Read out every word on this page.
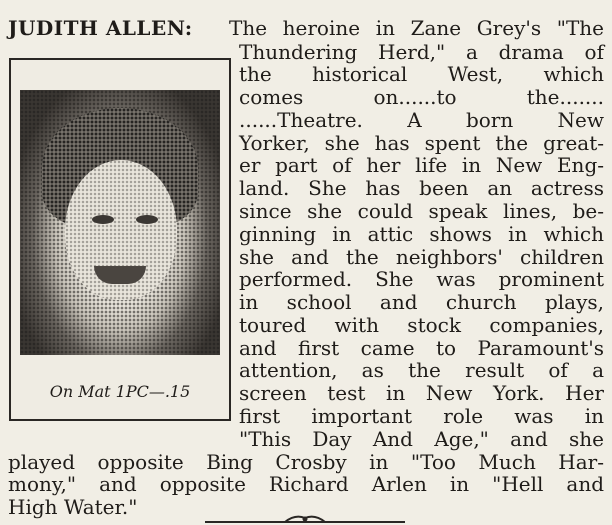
JUDITH ALLEN:
On Mat 1PC—.15
The heroine in Zane Grey's "The
Thundering Herd," a drama of
the historical West, which
comes on......to the.......
......Theatre. A born New
Yorker, she has spent the great-
er part of her life in New Eng-
land. She has been an actress
since she could speak lines, be-
ginning in attic shows in which
she and the neighbors' children
performed. She was prominent
in school and church plays,
toured with stock companies,
and first came to Paramount's
attention, as the result of a
screen test in New York. Her
first important role was in
"This Day And Age," and she
played opposite Bing Crosby in "Too Much Har-
mony," and opposite Richard Arlen in "Hell and
High Water."
